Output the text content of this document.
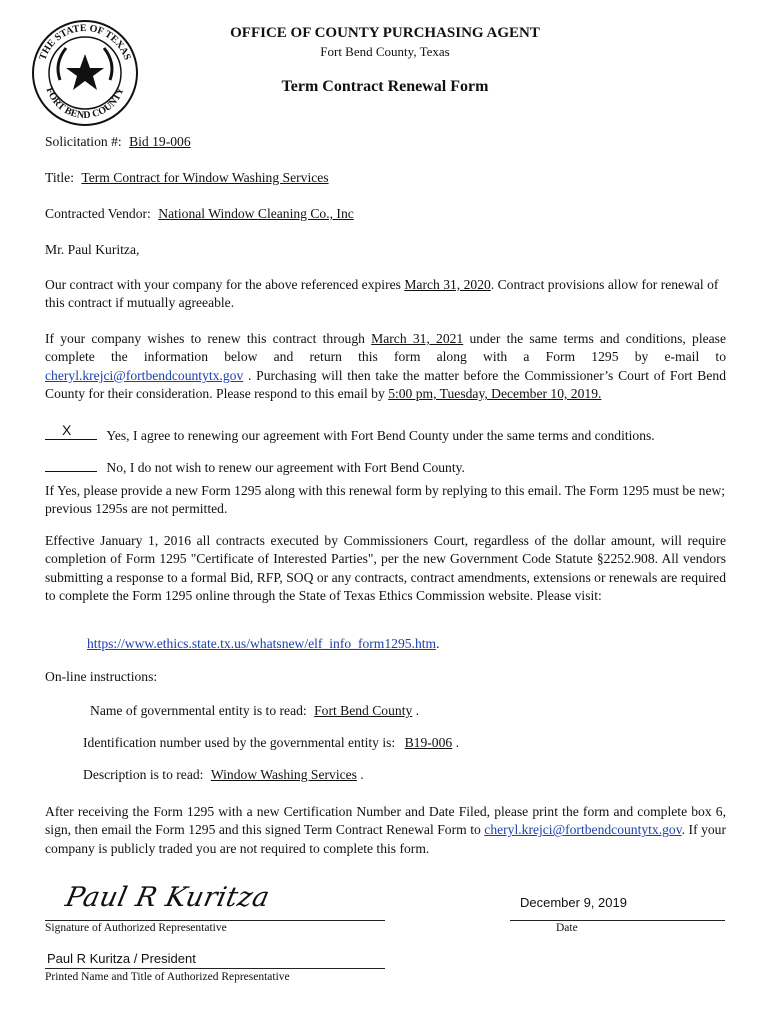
THE STATE OF TEXAS
FORT BEND COUNTY
OFFICE OF COUNTY PURCHASING AGENT
Fort Bend County, Texas
Term Contract Renewal Form
Solicitation #: Bid 19-006
Title: Term Contract for Window Washing Services
Contracted Vendor: National Window Cleaning Co., Inc
Mr. Paul Kuritza,
Our contract with your company for the above referenced expires March 31, 2020. Contract provisions allow for renewal of this contract if mutually agreeable.
If your company wishes to renew this contract through March 31, 2021 under the same terms and conditions, please complete the information below and return this form along with a Form 1295 by e-mail to cheryl.krejci@fortbendcountytx.gov . Purchasing will then take the matter before the Commissioner’s Court of Fort Bend County for their consideration. Please respond to this email by 5:00 pm, Tuesday, December 10, 2019.
X	Yes, I agree to renewing our agreement with Fort Bend County under the same terms and conditions.
No, I do not wish to renew our agreement with Fort Bend County.
If Yes, please provide a new Form 1295 along with this renewal form by replying to this email. The Form 1295 must be new; previous 1295s are not permitted.
Effective January 1, 2016 all contracts executed by Commissioners Court, regardless of the dollar amount, will require completion of Form 1295 "Certificate of Interested Parties", per the new Government Code Statute §2252.908. All vendors submitting a response to a formal Bid, RFP, SOQ or any contracts, contract amendments, extensions or renewals are required to complete the Form 1295 online through the State of Texas Ethics Commission website. Please visit:
https://www.ethics.state.tx.us/whatsnew/elf_info_form1295.htm.
On-line instructions:
Name of governmental entity is to read: Fort Bend County .
Identification number used by the governmental entity is: B19-006 .
Description is to read: Window Washing Services .
After receiving the Form 1295 with a new Certification Number and Date Filed, please print the form and complete box 6, sign, then email the Form 1295 and this signed Term Contract Renewal Form to cheryl.krejci@fortbendcountytx.gov. If your company is publicly traded you are not required to complete this form.
Paul R Kuritza	December 9, 2019
Signature of Authorized Representative	Date
Paul R Kuritza / President
Printed Name and Title of Authorized Representative
